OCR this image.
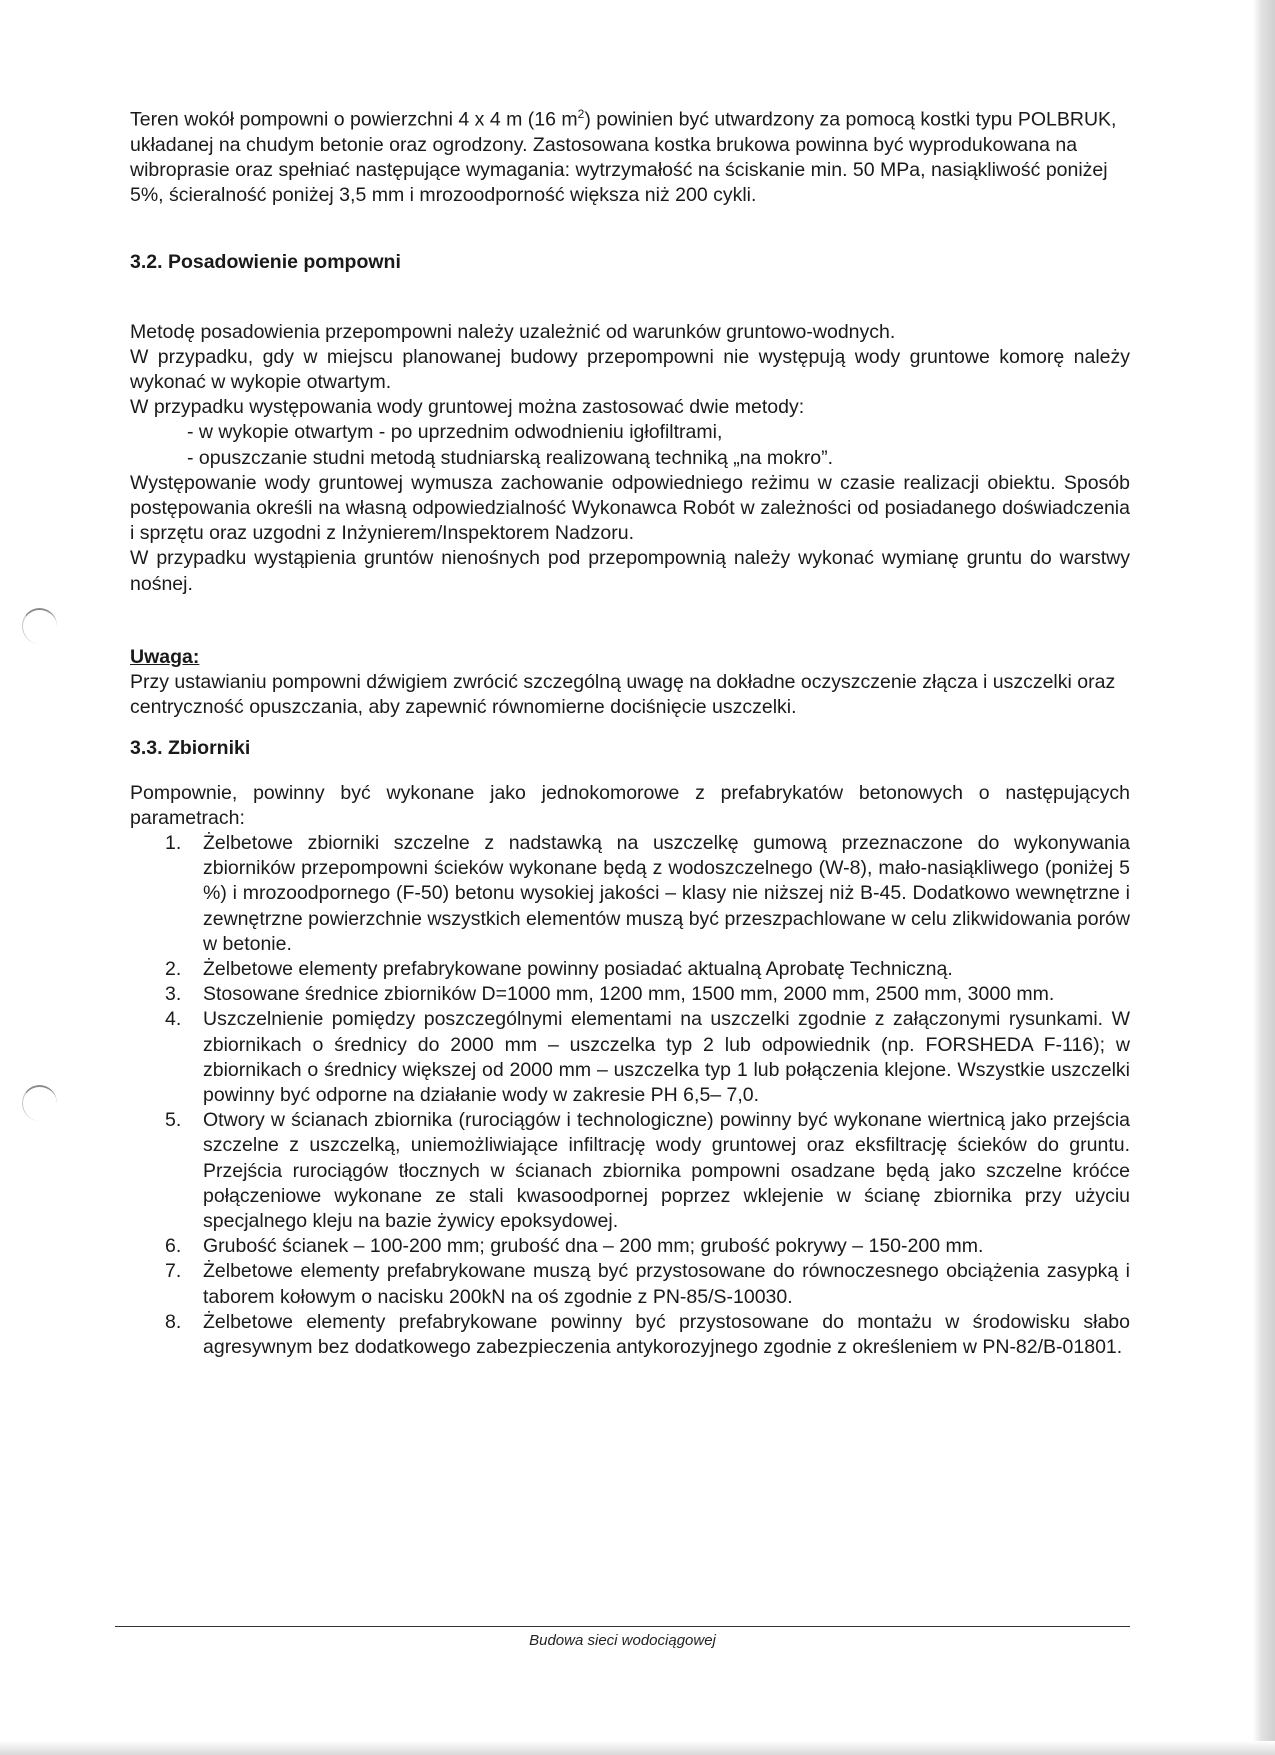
Teren wokół pompowni o powierzchni 4 x 4 m (16 $m^2$) powinien być utwardzony za pomocą kostki typu POLBRUK, układanej na chudym betonie oraz ogrodzony. Zastosowana kostka brukowa powinna być wyprodukowana na wibroprasie oraz spełniać następujące wymagania: wytrzymałość na ściskanie min. 50 MPa, nasiąkliwość poniżej 5%, ścieralność poniżej 3,5 mm i mrozoodporność większa niż 200 cykli.

3.2. Posadowienie pompowni

Metodę posadowienia przepompowni należy uzależnić od warunków gruntowo-wodnych.

W przypadku, gdy w miejscu planowanej budowy przepompowni nie występują wody gruntowe komorę należy wykonać w wykopie otwartym.

W przypadku występowania wody gruntowej można zastosować dwie metody:

- w wykopie otwartym - po uprzednim odwodnieniu igłofiltrami,
- opuszczanie studni metodą studniarską realizowaną techniką „na mokro”.

Występowanie wody gruntowej wymusza zachowanie odpowiedniego reżimu w czasie realizacji obiektu. Sposób postępowania określi na własną odpowiedzialność Wykonawca Robót w zależności od posiadanego doświadczenia i sprzętu oraz uzgodni z Inżynierem/Inspektorem Nadzoru.

W przypadku wystąpienia gruntów nienośnych pod przepompownią należy wykonać wymianę gruntu do warstwy nośnej.

Uwaga:

Przy ustawianiu pompowni dźwigiem zwrócić szczególną uwagę na dokładne oczyszczenie złącza i uszczelki oraz centryczność opuszczania, aby zapewnić równomierne dociśnięcie uszczelki.

3.3. Zbiorniki

Pompownie, powinny być wykonane jako jednokomorowe z prefabrykatów betonowych o następujących parametrach:

1. Żelbetowe zbiorniki szczelne z nadstawką na uszczelkę gumową przeznaczone do wykonywania zbiorników przepompowni ścieków wykonane będą z wodoszczelnego (W-8), mało-nasiąkliwego (poniżej 5 %) i mrozoodpornego (F-50) betonu wysokiej jakości – klasy nie niższej niż B-45. Dodatkowo wewnętrzne i zewnętrzne powierzchnie wszystkich elementów muszą być przeszpachlowane w celu zlikwidowania porów w betonie.
2. Żelbetowe elementy prefabrykowane powinny posiadać aktualną Aprobatę Techniczną.
3. Stosowane średnice zbiorników D=1000 mm, 1200 mm, 1500 mm, 2000 mm, 2500 mm, 3000 mm.
4. Uszczelnienie pomiędzy poszczególnymi elementami na uszczelki zgodnie z załączonymi rysunkami. W zbiornikach o średnicy do 2000 mm – uszczelka typ 2 lub odpowiednik (np. FORSHEDA F-116); w zbiornikach o średnicy większej od 2000 mm – uszczelka typ 1 lub połączenia klejone. Wszystkie uszczelki powinny być odporne na działanie wody w zakresie PH 6,5– 7,0.
5. Otwory w ścianach zbiornika (rurociągów i technologiczne) powinny być wykonane wiertnicą jako przejścia szczelne z uszczelką, uniemożliwiające infiltrację wody gruntowej oraz eksfiltrację ścieków do gruntu. Przejścia rurociągów tłocznych w ścianach zbiornika pompowni osadzane będą jako szczelne króćce połączeniowe wykonane ze stali kwasoodpornej poprzez wklejenie w ścianę zbiornika przy użyciu specjalnego kleju na bazie żywicy epoksydowej.
6. Grubość ścianek – 100-200 mm; grubość dna – 200 mm; grubość pokrywy – 150-200 mm.
7. Żelbetowe elementy prefabrykowane muszą być przystosowane do równoczesnego obciążenia zasypką i taborem kołowym o nacisku 200kN na oś zgodnie z PN-85/S-10030.
8. Żelbetowe elementy prefabrykowane powinny być przystosowane do montażu w środowisku słabo agresywnym bez dodatkowego zabezpieczenia antykorozyjnego zgodnie z określeniem w PN-82/B-01801.
Budowa sieci wodociągowej
